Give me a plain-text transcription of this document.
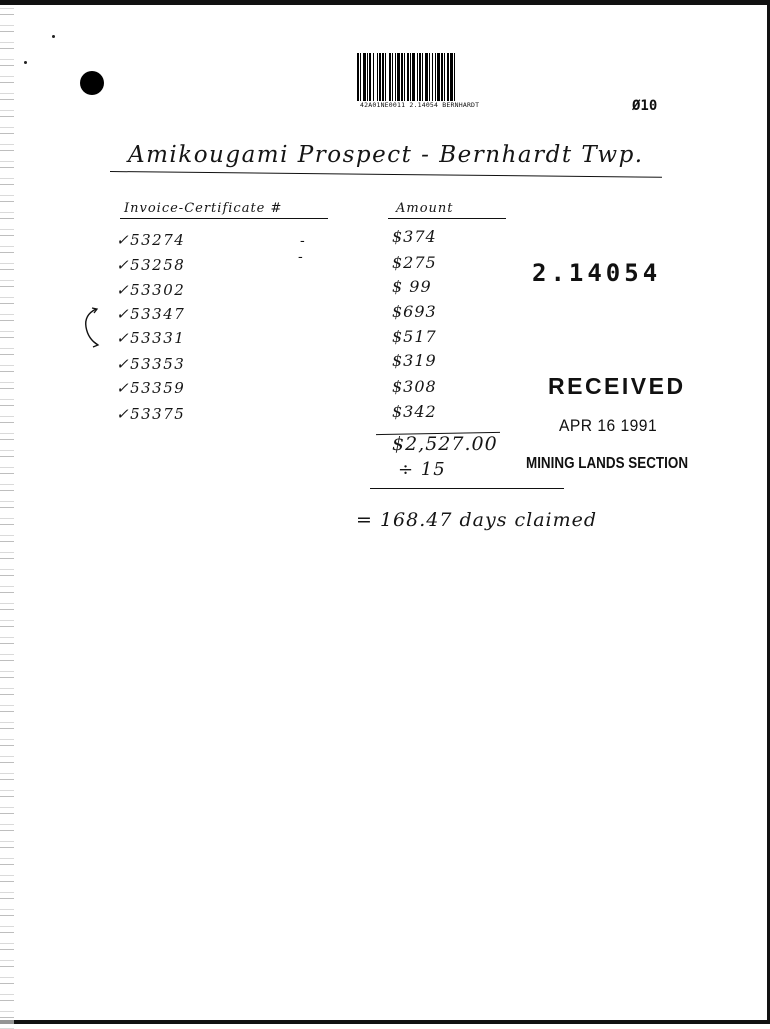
42A01NE0011 2.14054 BERNHARDT	Ø10
Amikougami Prospect - Bernhardt Twp.
Invoice-Certificate #	Amount
✓53274	$374
✓53258	$275
✓53302	$ 99
✓53347	$693
✓53331	$517
✓53353	$319
✓53359	$308
✓53375	$342
-
-
$2,527.00
÷ 15
= 168.47 days claimed
2.14054
RECEIVED
APR 16 1991
MINING LANDS SECTION
